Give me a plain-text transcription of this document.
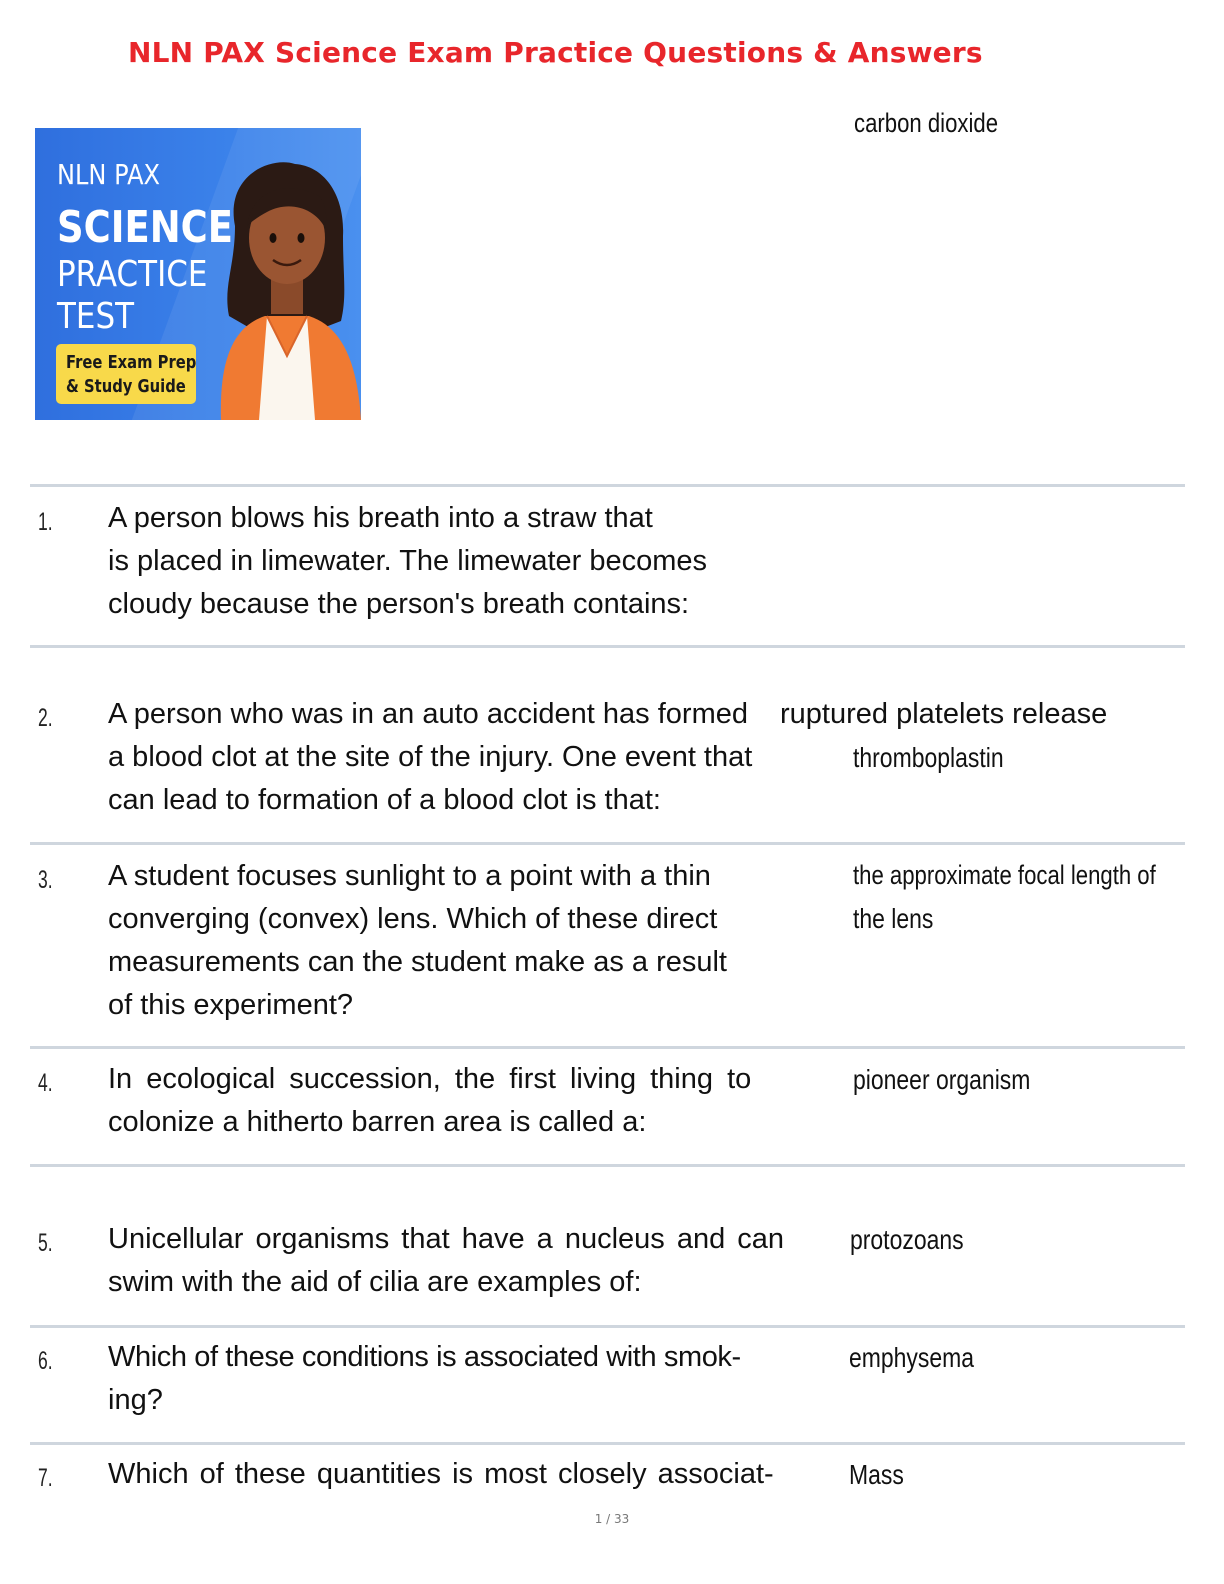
NLN PAX Science Exam Practice Questions & Answers
carbon dioxide
NLN PAX
SCIENCE
PRACTICE
TEST
Free Exam Prep
& Study Guide
1. A person blows his breath into a straw that
is placed in limewater. The limewater becomes
cloudy because the person's breath contains:
2. A person who was in an auto accident has formed
a blood clot at the site of the injury. One event that
can lead to formation of a blood clot is that:
ruptured platelets release
thromboplastin
3. A student focuses sunlight to a point with a thin
converging (convex) lens. Which of these direct
measurements can the student make as a result
of this experiment?
the approximate focal length of
the lens
4. In ecological succession, the first living thing to
colonize a hitherto barren area is called a:
pioneer organism
5. Unicellular organisms that have a nucleus and can
swim with the aid of cilia are examples of:
protozoans
6. Which of these conditions is associated with smok-
ing?
emphysema
7. Which of these quantities is most closely associat-	Mass
1 / 33
